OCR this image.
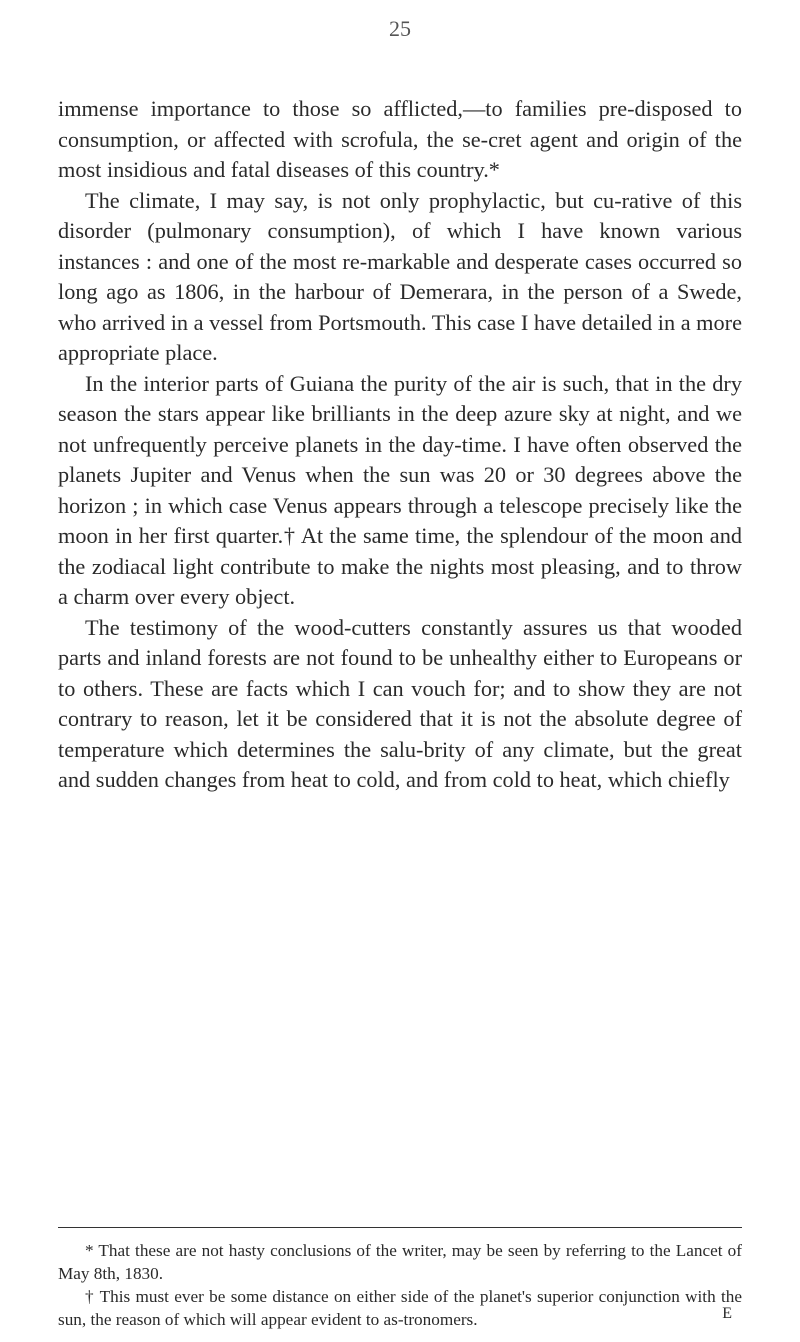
25

immense importance to those so afflicted,—to families pre-disposed to consumption, or affected with scrofula, the se-cret agent and origin of the most insidious and fatal diseases of this country.*

The climate, I may say, is not only prophylactic, but cu-rative of this disorder (pulmonary consumption), of which I have known various instances : and one of the most re-markable and desperate cases occurred so long ago as 1806, in the harbour of Demerara, in the person of a Swede, who arrived in a vessel from Portsmouth. This case I have detailed in a more appropriate place.

In the interior parts of Guiana the purity of the air is such, that in the dry season the stars appear like brilliants in the deep azure sky at night, and we not unfrequently perceive planets in the day-time. I have often observed the planets Jupiter and Venus when the sun was 20 or 30 degrees above the horizon ; in which case Venus appears through a telescope precisely like the moon in her first quarter.† At the same time, the splendour of the moon and the zodiacal light contribute to make the nights most pleasing, and to throw a charm over every object.

The testimony of the wood-cutters constantly assures us that wooded parts and inland forests are not found to be unhealthy either to Europeans or to others. These are facts which I can vouch for; and to show they are not contrary to reason, let it be considered that it is not the absolute degree of temperature which determines the salu-brity of any climate, but the great and sudden changes from heat to cold, and from cold to heat, which chiefly

* That these are not hasty conclusions of the writer, may be seen by referring to the Lancet of May 8th, 1830.

† This must ever be some distance on either side of the planet's superior conjunction with the sun, the reason of which will appear evident to as-tronomers.	E
